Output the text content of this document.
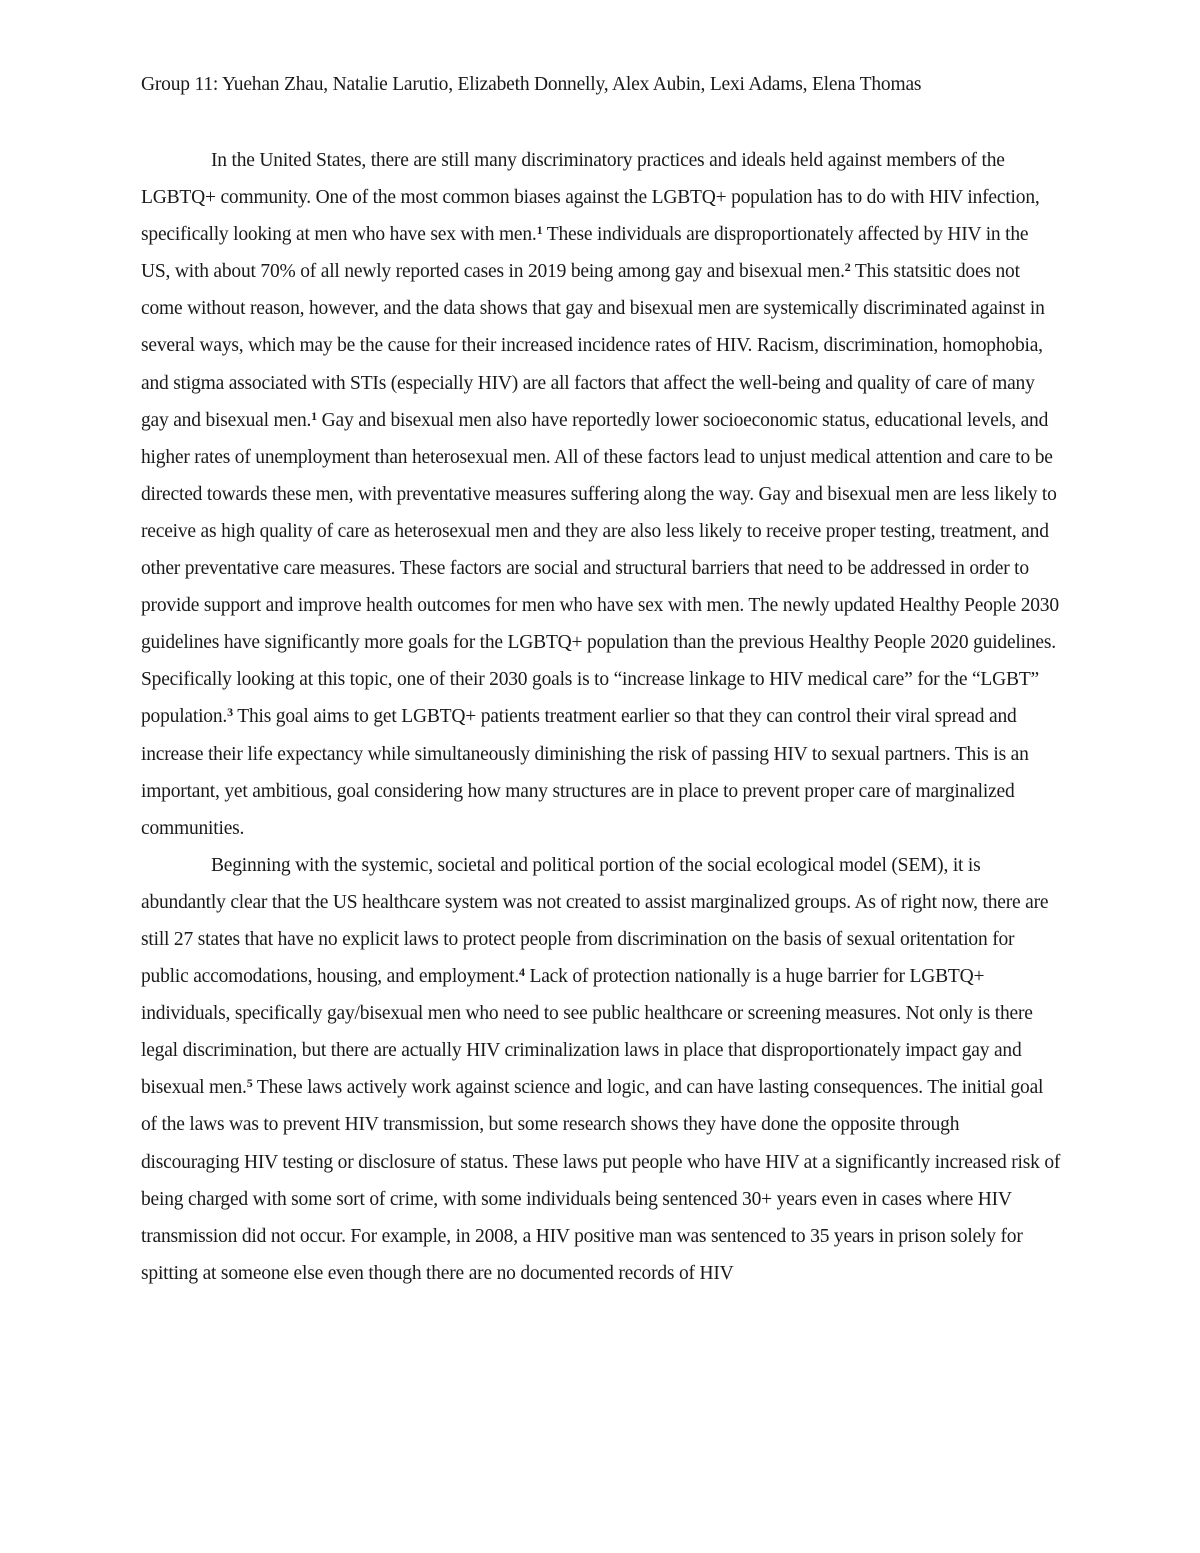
Group 11: Yuehan Zhau, Natalie Larutio, Elizabeth Donnelly, Alex Aubin, Lexi Adams, Elena Thomas

In the United States, there are still many discriminatory practices and ideals held against members of the LGBTQ+ community. One of the most common biases against the LGBTQ+ population has to do with HIV infection, specifically looking at men who have sex with men.$^1$ These individuals are disproportionately affected by HIV in the US, with about 70% of all newly reported cases in 2019 being among gay and bisexual men.$^2$ This statsitic does not come without reason, however, and the data shows that gay and bisexual men are systemically discriminated against in several ways, which may be the cause for their increased incidence rates of HIV. Racism, discrimination, homophobia, and stigma associated with STIs (especially HIV) are all factors that affect the well-being and quality of care of many gay and bisexual men.$^1$ Gay and bisexual men also have reportedly lower socioeconomic status, educational levels, and higher rates of unemployment than heterosexual men. All of these factors lead to unjust medical attention and care to be directed towards these men, with preventative measures suffering along the way. Gay and bisexual men are less likely to receive as high quality of care as heterosexual men and they are also less likely to receive proper testing, treatment, and other preventative care measures. These factors are social and structural barriers that need to be addressed in order to provide support and improve health outcomes for men who have sex with men. The newly updated Healthy People 2030 guidelines have significantly more goals for the LGBTQ+ population than the previous Healthy People 2020 guidelines. Specifically looking at this topic, one of their 2030 goals is to “increase linkage to HIV medical care” for the “LGBT” population.$^3$ This goal aims to get LGBTQ+ patients treatment earlier so that they can control their viral spread and increase their life expectancy while simultaneously diminishing the risk of passing HIV to sexual partners. This is an important, yet ambitious, goal considering how many structures are in place to prevent proper care of marginalized communities.

Beginning with the systemic, societal and political portion of the social ecological model (SEM), it is abundantly clear that the US healthcare system was not created to assist marginalized groups. As of right now, there are still 27 states that have no explicit laws to protect people from discrimination on the basis of sexual oritentation for public accomodations, housing, and employment.$^4$ Lack of protection nationally is a huge barrier for LGBTQ+ individuals, specifically gay/bisexual men who need to see public healthcare or screening measures. Not only is there legal discrimination, but there are actually HIV criminalization laws in place that disproportionately impact gay and bisexual men.$^5$ These laws actively work against science and logic, and can have lasting consequences. The initial goal of the laws was to prevent HIV transmission, but some research shows they have done the opposite through discouraging HIV testing or disclosure of status. These laws put people who have HIV at a significantly increased risk of being charged with some sort of crime, with some individuals being sentenced 30+ years even in cases where HIV transmission did not occur. For example, in 2008, a HIV positive man was sentenced to 35 years in prison solely for spitting at someone else even though there are no documented records of HIV
